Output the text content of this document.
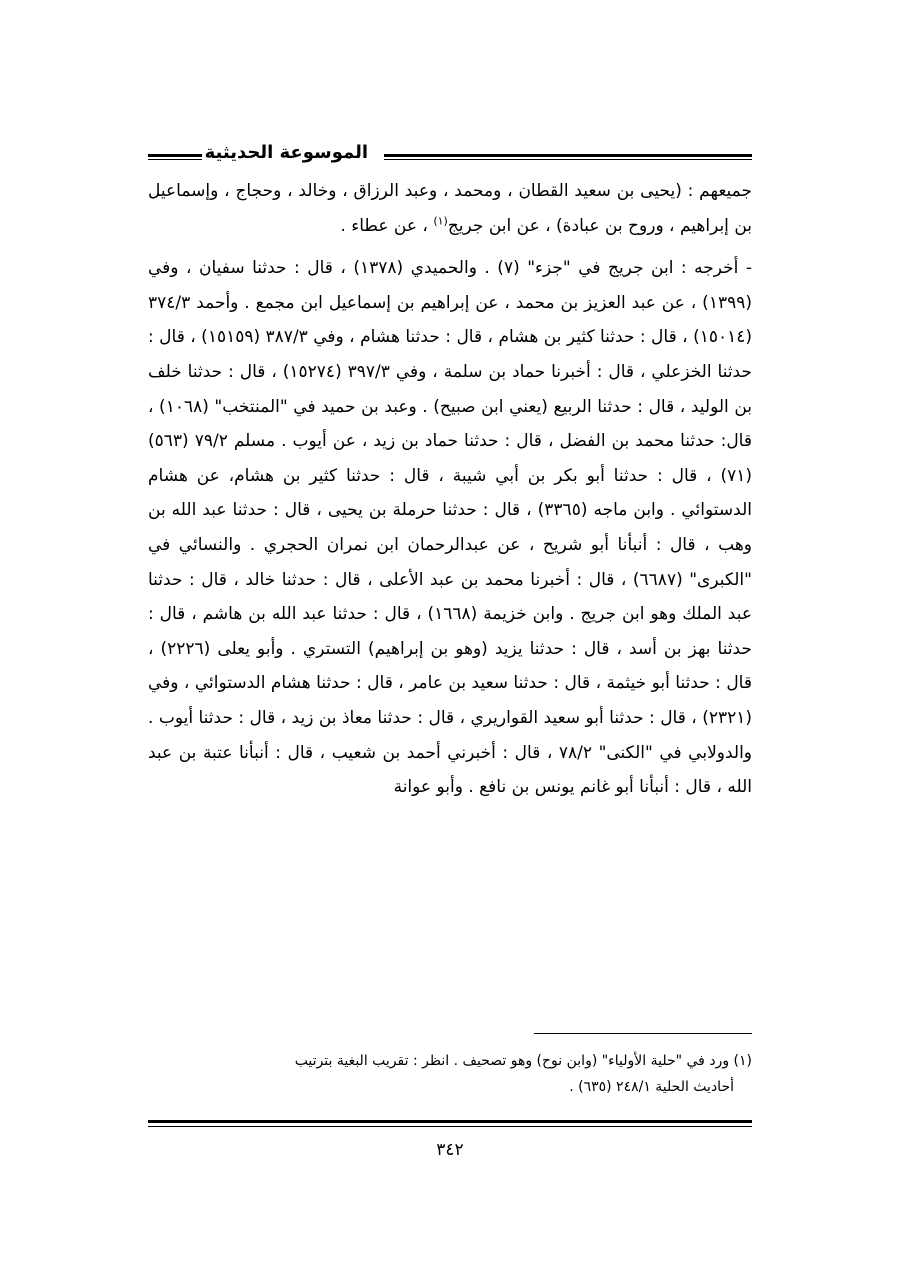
الموسوعة الحديثية

جميعهم : (يحيى بن سعيد القطان ، ومحمد ، وعبد الرزاق ، وخالد ، وحجاج ، وإسماعيل بن إبراهيم ، وروح بن عبادة) ، عن ابن جريج$^{(١)}$ ، عن عطاء .

- أخرجه : ابن جريج في "جزء" (٧) . والحميدي (١٣٧٨) ، قال : حدثنا سفيان ، وفي (١٣٩٩) ، عن عبد العزيز بن محمد ، عن إبراهيم بن إسماعيل ابن مجمع . وأحمد ٣٧٤/٣ (١٥٠١٤) ، قال : حدثنا كثير بن هشام ، قال : حدثنا هشام ، وفي ٣٨٧/٣ (١٥١٥٩) ، قال : حدثنا الخزعلي ، قال : أخبرنا حماد بن سلمة ، وفي ٣٩٧/٣ (١٥٢٧٤) ، قال : حدثنا خلف بن الوليد ، قال : حدثنا الربيع (يعني ابن صبيح) . وعبد بن حميد في "المنتخب" (١٠٦٨) ، قال: حدثنا محمد بن الفضل ، قال : حدثنا حماد بن زيد ، عن أيوب . مسلم ٧٩/٢ (٥٦٣) (٧١) ، قال : حدثنا أبو بكر بن أبي شيبة ، قال : حدثنا كثير بن هشام، عن هشام الدستوائي . وابن ماجه (٣٣٦٥) ، قال : حدثنا حرملة بن يحيى ، قال : حدثنا عبد الله بن وهب ، قال : أنبأنا أبو شريح ، عن عبدالرحمان ابن نمران الحجري . والنسائي في "الكبرى" (٦٦٨٧) ، قال : أخبرنا محمد بن عبد الأعلى ، قال : حدثنا خالد ، قال : حدثنا عبد الملك وهو ابن جريج . وابن خزيمة (١٦٦٨) ، قال : حدثنا عبد الله بن هاشم ، قال : حدثنا بهز بن أسد ، قال : حدثنا يزيد (وهو بن إبراهيم) التستري . وأبو يعلى (٢٢٢٦) ، قال : حدثنا أبو خيثمة ، قال : حدثنا سعيد بن عامر ، قال : حدثنا هشام الدستوائي ، وفي (٢٣٢١) ، قال : حدثنا أبو سعيد القواريري ، قال : حدثنا معاذ بن زيد ، قال : حدثنا أيوب . والدولابي في "الكنى" ٧٨/٢ ، قال : أخبرني أحمد بن شعيب ، قال : أنبأنا عتبة بن عبد الله ، قال : أنبأنا أبو غانم يونس بن نافع . وأبو عوانة

(١) ورد في "حلية الأولياء" (وابن نوح) وهو تصحيف . انظر : تقريب البغية بترتيب

أحاديث الحلية ٢٤٨/١ (٦٣٥) .

٣٤٢
